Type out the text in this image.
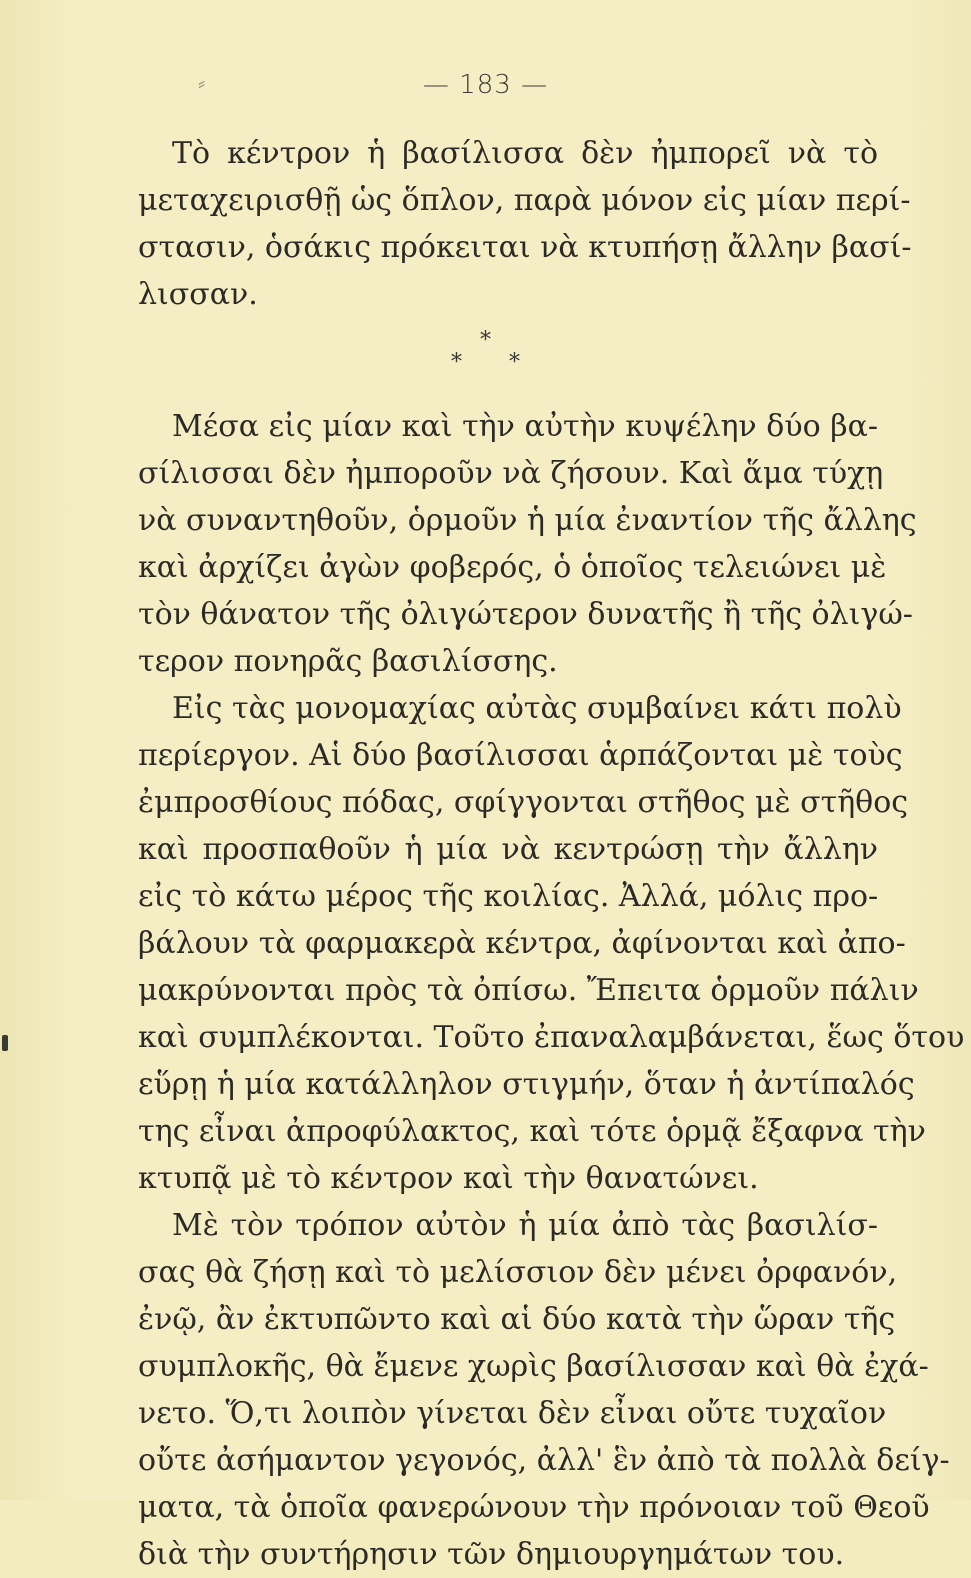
⸗	— 183 —
Τὸ κέντρον ἡ βασίλισσα δὲν ἠμπορεῖ νὰ τὸ
μεταχειρισθῇ ὡς ὅπλον, παρὰ μόνον εἰς μίαν περί-
στασιν, ὁσάκις πρόκειται νὰ κτυπήσῃ ἄλλην βασί-
λισσαν.
*
* *
Μέσα εἰς μίαν καὶ τὴν αὐτὴν κυψέλην δύο βα-
σίλισσαι δὲν ἠμποροῦν νὰ ζήσουν. Καὶ ἅμα τύχῃ
νὰ συναντηθοῦν, ὁρμοῦν ἡ μία ἐναντίον τῆς ἄλλης
καὶ ἀρχίζει ἀγὼν φοβερός, ὁ ὁποῖος τελειώνει μὲ
τὸν θάνατον τῆς ὀλιγώτερον δυνατῆς ἢ τῆς ὀλιγώ-
τερον πονηρᾶς βασιλίσσης.
Εἰς τὰς μονομαχίας αὐτὰς συμβαίνει κάτι πολὺ
περίεργον. Αἱ δύο βασίλισσαι ἁρπάζονται μὲ τοὺς
ἐμπροσθίους πόδας, σφίγγονται στῆθος μὲ στῆθος
καὶ προσπαθοῦν ἡ μία νὰ κεντρώσῃ τὴν ἄλλην
εἰς τὸ κάτω μέρος τῆς κοιλίας. Ἀλλά, μόλις προ-
βάλουν τὰ φαρμακερὰ κέντρα, ἀφίνονται καὶ ἀπο-
μακρύνονται πρὸς τὰ ὀπίσω. Ἔπειτα ὁρμοῦν πάλιν
καὶ συμπλέκονται. Τοῦτο ἐπαναλαμβάνεται, ἕως ὅτου
εὕρῃ ἡ μία κατάλληλον στιγμήν, ὅταν ἡ ἀντίπαλός
της εἶναι ἀπροφύλακτος, καὶ τότε ὁρμᾷ ἔξαφνα τὴν
κτυπᾷ μὲ τὸ κέντρον καὶ τὴν θανατώνει.
Μὲ τὸν τρόπον αὐτὸν ἡ μία ἀπὸ τὰς βασιλίσ-
σας θὰ ζήσῃ καὶ τὸ μελίσσιον δὲν μένει ὀρφανόν,
ἐνῷ, ἂν ἐκτυπῶντο καὶ αἱ δύο κατὰ τὴν ὥραν τῆς
συμπλοκῆς, θὰ ἔμενε χωρὶς βασίλισσαν καὶ θὰ ἐχά-
νετο. Ὅ,τι λοιπὸν γίνεται δὲν εἶναι οὔτε τυχαῖον
οὔτε ἀσήμαντον γεγονός, ἀλλ' ἓν ἀπὸ τὰ πολλὰ δείγ-
ματα, τὰ ὁποῖα φανερώνουν τὴν πρόνοιαν τοῦ Θεοῦ
διὰ τὴν συντήρησιν τῶν δημιουργημάτων του.
